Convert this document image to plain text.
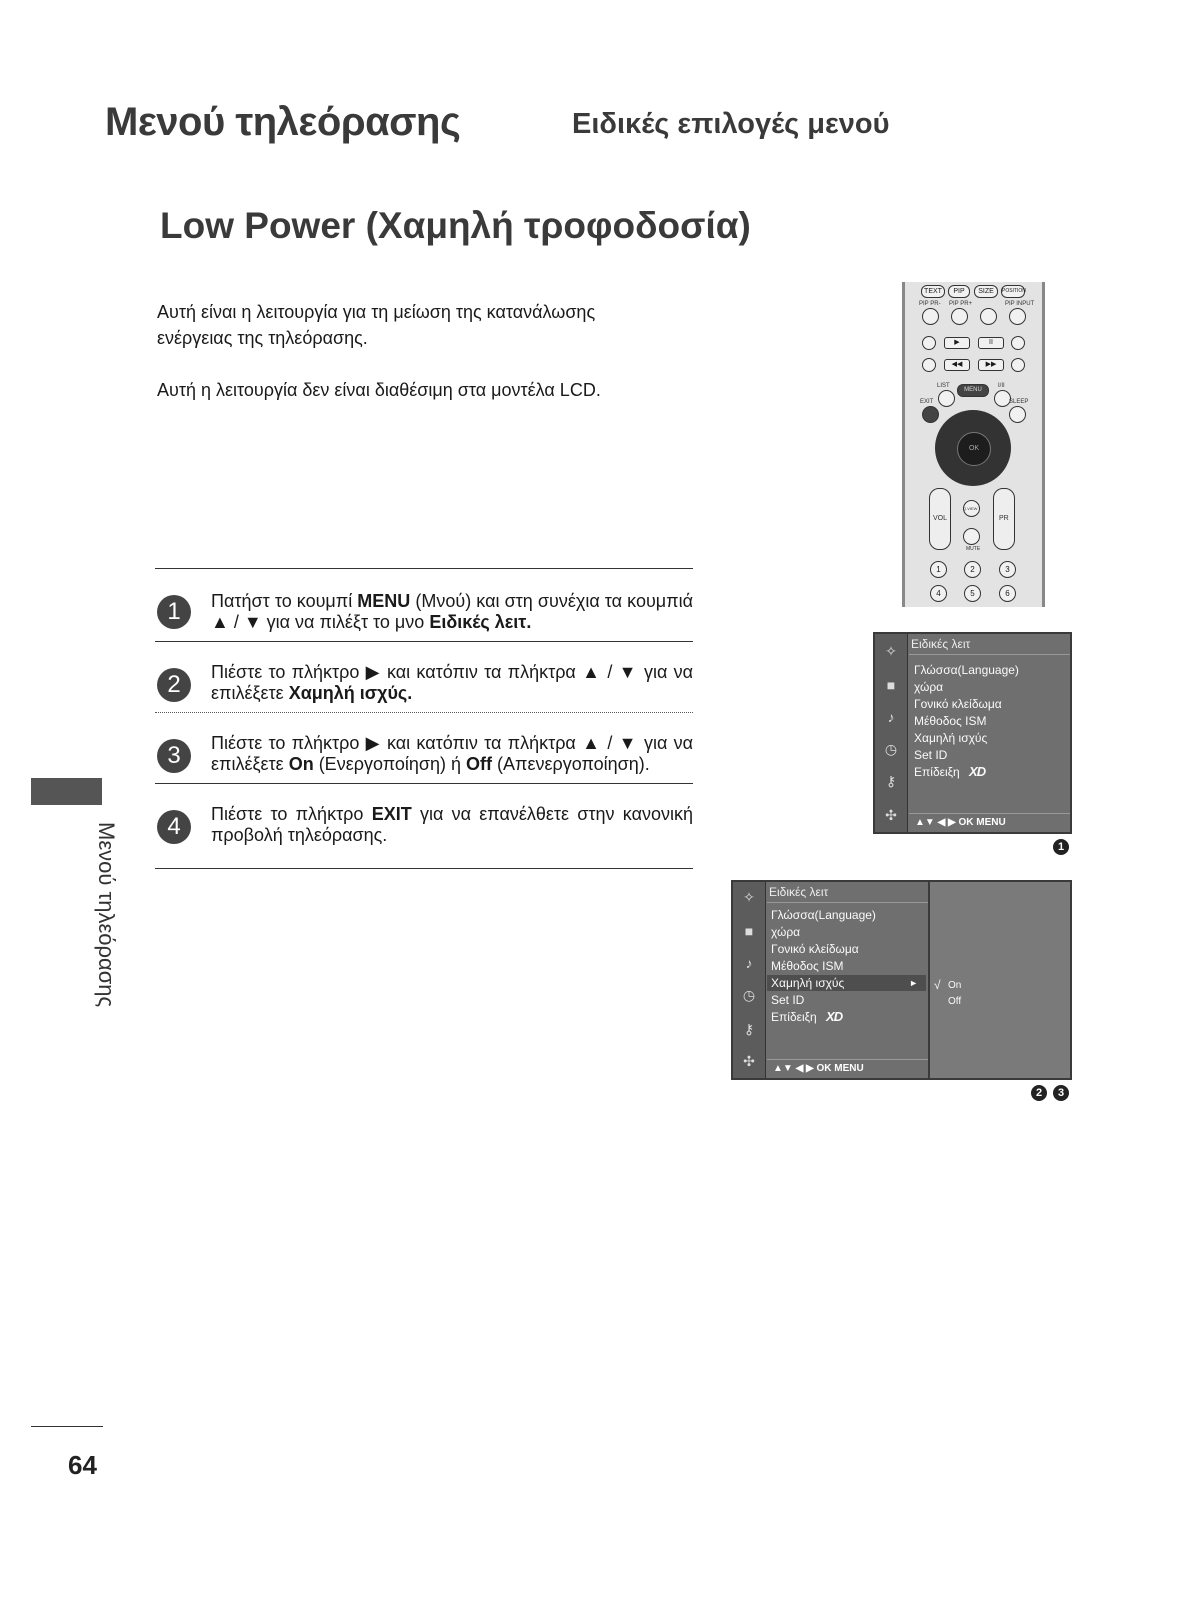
Μενού τηλεόρασης	Ειδικές επιλογές μενού
Low Power (Χαμηλή τροφοδοσία)
Αυτή είναι η λειτουργία για τη μείωση της κατανάλωσης
ενέργειας της τηλεόρασης.
Αυτή η λειτουργία δεν είναι διαθέσιμη στα μοντέλα LCD.
1	Πατήστ το κουμπί MENU (Μνού) και στη συνέχια τα κουμπιά ▲ / ▼ για να πιλέξτ το μνο Ειδικές λειτ.
2	Πιέστε το πλήκτρο ▶ και κατόπιν τα πλήκτρα ▲ / ▼ για να επιλέξετε Χαμηλή ισχύς.
3	Πιέστε το πλήκτρο ▶ και κατόπιν τα πλήκτρα ▲ / ▼ για να επιλέξετε On (Ενεργοποίηση) ή Off (Απενεργοποίηση).
4	Πιέστε το πλήκτρο EXIT για να επανέλθετε στην κανονική προβολή τηλεόρασης.
Μενού τηλεόρασης
64
TEXT	PIP	SIZE	POSITION
PIP PR- PIP PR+	PIP INPUT
▶	II
◀◀	▶▶
LIST
MENU
I/II
EXIT	SLEEP
OK
VOL	PR
Q.VIEW
MUTE
1	2	3
4	5	6
✧
■
♪
◷
⚷
✣
Ειδικές λειτ
Γλώσσα(Language)
χώρα
Γονικό κλείδωμα
Μέθοδος ISM
Χαμηλή ισχύς
Set ID
Επίδειξη XD
▲▼ ◀ ▶ OK MENU
1
✧
■
♪
◷
⚷
✣
Ειδικές λειτ
Γλώσσα(Language)
χώρα
Γονικό κλείδωμα
Μέθοδος ISM
Χαμηλή ισχύς	►
Set ID
Επίδειξη XD
▲▼ ◀ ▶ OK MENU
√ On
Off
2	3
